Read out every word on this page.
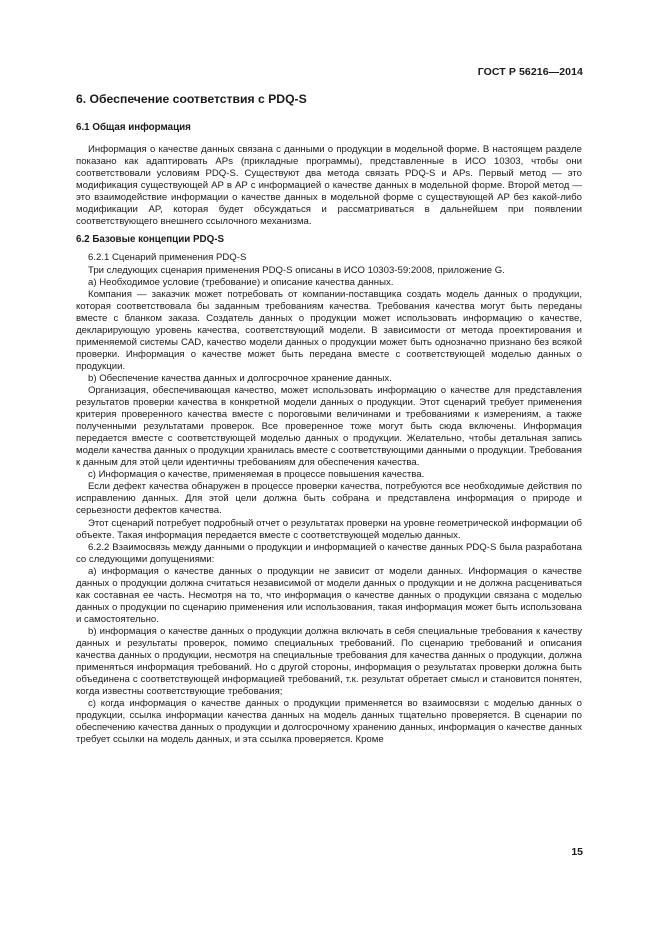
ГОСТ Р 56216—2014

6. Обеспечение соответствия с PDQ-S

6.1 Общая информация

Информация о качестве данных связана с данными о продукции в модельной форме. В настоящем разделе показано как адаптировать APs (прикладные программы), представленные в ИСО 10303, чтобы они соответствовали условиям PDQ-S. Существуют два метода связать PDQ-S и APs. Первый метод — это модификация существующей AP в AP с информацией о качестве данных в модельной форме. Второй метод — это взаимодействие информации о качестве данных в модельной форме с существующей AP без какой-либо модификации AP, которая будет обсуждаться и рассматриваться в дальнейшем при появлении соответствующего внешнего ссылочного механизма.

6.2 Базовые концепции PDQ-S

6.2.1 Сценарий применения PDQ-S

Три следующих сценария применения PDQ-S описаны в ИСО 10303-59:2008, приложение G.

а) Необходимое условие (требование) и описание качества данных.

Компания — заказчик может потребовать от компании-поставщика создать модель данных о продукции, которая соответствовала бы заданным требованиям качества. Требования качества могут быть переданы вместе с бланком заказа. Создатель данных о продукции может использовать информацию о качестве, декларирующую уровень качества, соответствующий модели. В зависимости от метода проектирования и применяемой системы CAD, качество модели данных о продукции может быть однозначно признано без всякой проверки. Информация о качестве может быть передана вместе с соответствующей моделью данных о продукции.

b) Обеспечение качества данных и долгосрочное хранение данных.

Организация, обеспечивающая качество, может использовать информацию о качестве для представления результатов проверки качества в конкретной модели данных о продукции. Этот сценарий требует применения критерия проверенного качества вместе с пороговыми величинами и требованиями к измерениям, а также полученными результатами проверок. Все проверенное тоже могут быть сюда включены. Информация передается вместе с соответствующей моделью данных о продукции. Желательно, чтобы детальная запись модели качества данных о продукции хранилась вместе с соответствующими данными о продукции. Требования к данным для этой цели идентичны требованиям для обеспечения качества.

c) Информация о качестве, применяемая в процессе повышения качества.

Если дефект качества обнаружен в процессе проверки качества, потребуются все необходимые действия по исправлению данных. Для этой цели должна быть собрана и представлена информация о природе и серьезности дефектов качества.

Этот сценарий потребует подробный отчет о результатах проверки на уровне геометрической информации об объекте. Такая информация передается вместе с соответствующей моделью данных.

6.2.2 Взаимосвязь между данными о продукции и информацией о качестве данных PDQ-S была разработана со следующими допущениями:

а) информация о качестве данных о продукции не зависит от модели данных. Информация о качестве данных о продукции должна считаться независимой от модели данных о продукции и не должна расцениваться как составная ее часть. Несмотря на то, что информация о качестве данных о продукции связана с моделью данных о продукции по сценарию применения или использования, такая информация может быть использована и самостоятельно.

b) информация о качестве данных о продукции должна включать в себя специальные требования к качеству данных и результаты проверок, помимо специальных требований. По сценарию требований и описания качества данных о продукции, несмотря на специальные требования для качества данных о продукции, должна применяться информация требований. Но с другой стороны, информация о результатах проверки должна быть объединена с соответствующей информацией требований, т.к. результат обретает смысл и становится понятен, когда известны соответствующие требования;

c) когда информация о качестве данных о продукции применяется во взаимосвязи с моделью данных о продукции, ссылка информации качества данных на модель данных тщательно проверяется. В сценарии по обеспечению качества данных о продукции и долгосрочному хранению данных, информация о качестве данных требует ссылки на модель данных, и эта ссылка проверяется. Кроме

15
